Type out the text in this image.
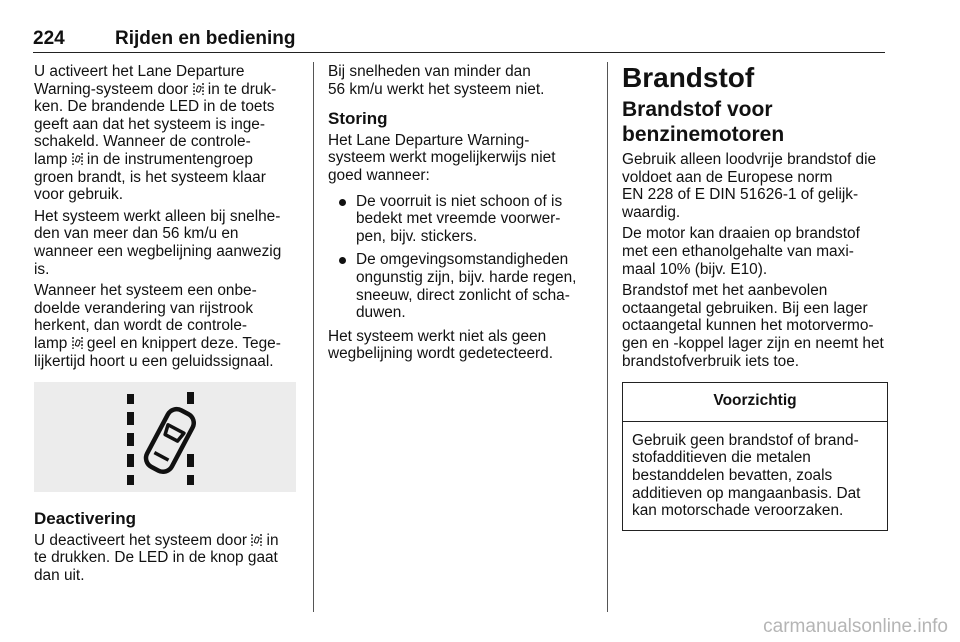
224	Rijden en bediening

U activeert het Lane Departure
Warning-systeem door  in te druk-
ken. De brandende LED in de toets
geeft aan dat het systeem is inge-
schakeld. Wanneer de controle-
lamp  in de instrumentengroep
groen brandt, is het systeem klaar
voor gebruik.

Het systeem werkt alleen bij snelhe-
den van meer dan 56 km/u en
wanneer een wegbelijning aanwezig
is.

Wanneer het systeem een onbe-
doelde verandering van rijstrook
herkent, dan wordt de controle-
lamp  geel en knippert deze. Tege-
lijkertijd hoort u een geluidssignaal.

Deactivering

U deactiveert het systeem door  in
te drukken. De LED in de knop gaat
dan uit.

Bij snelheden van minder dan
56 km/u werkt het systeem niet.

Storing

Het Lane Departure Warning-
systeem werkt mogelijkerwijs niet
goed wanneer:

De voorruit is niet schoon of is
bedekt met vreemde voorwer-
pen, bijv. stickers.
De omgevingsomstandigheden
ongunstig zijn, bijv. harde regen,
sneeuw, direct zonlicht of scha-
duwen.

Het systeem werkt niet als geen
wegbelijning wordt gedetecteerd.

Brandstof

Brandstof voor
benzinemotoren

Gebruik alleen loodvrije brandstof die
voldoet aan de Europese norm
EN 228 of E DIN 51626-1 of gelijk-
waardig.

De motor kan draaien op brandstof
met een ethanolgehalte van maxi-
maal 10% (bijv. E10).

Brandstof met het aanbevolen
octaangetal gebruiken. Bij een lager
octaangetal kunnen het motorvermo-
gen en -koppel lager zijn en neemt het
brandstofverbruik iets toe.

Voorzichtig
Gebruik geen brandstof of brand-
stofadditieven die metalen
bestanddelen bevatten, zoals
additieven op mangaanbasis. Dat
kan motorschade veroorzaken.
carmanualsonline.info
